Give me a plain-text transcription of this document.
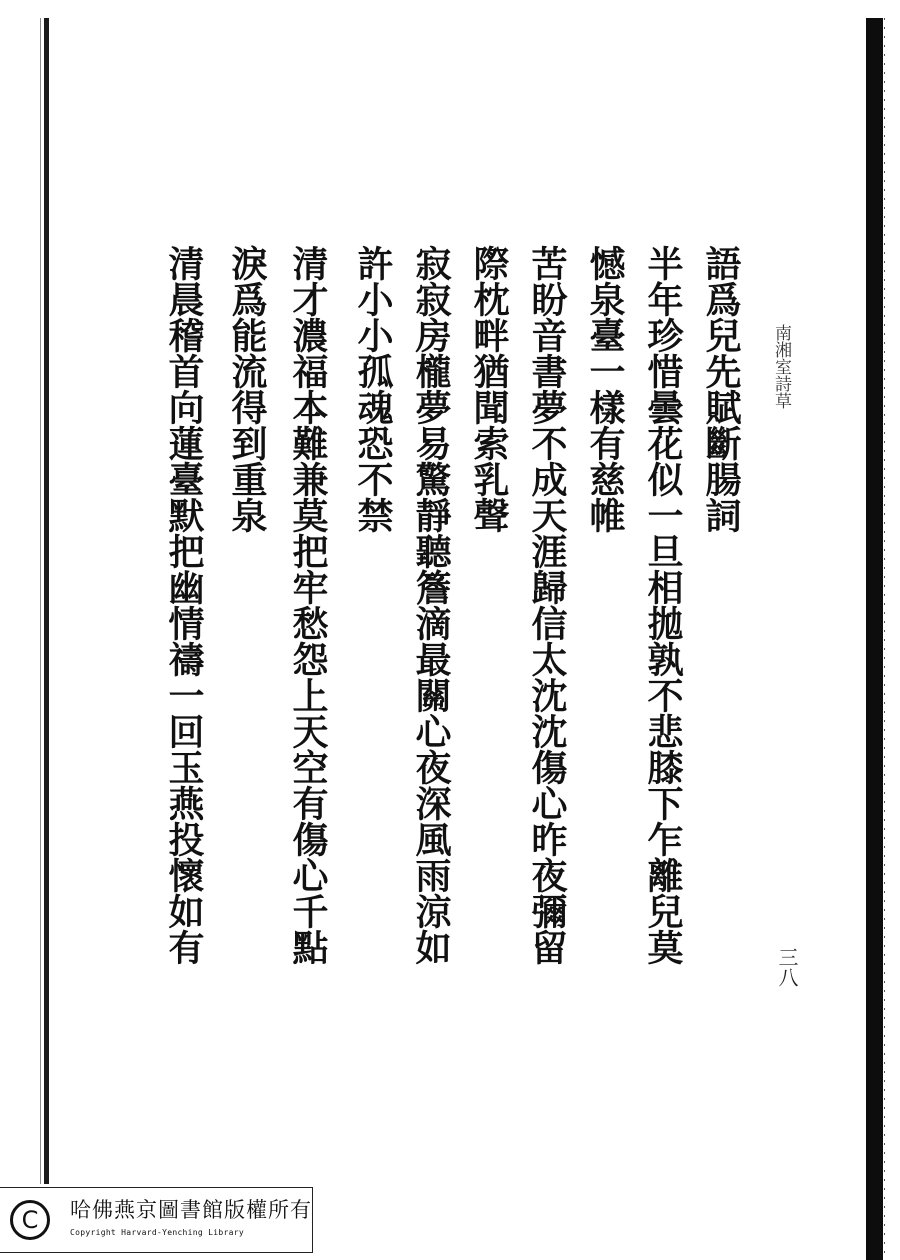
南湘室詩草
三八
語爲兒先賦斷腸詞
半年珍惜曇花似一旦相拋孰不悲膝下乍離兒莫
憾泉臺一樣有慈帷
苦盼音書夢不成天涯歸信太沈沈傷心昨夜彌留
際枕畔猶聞索乳聲
寂寂房櫳夢易驚靜聽簷滴最關心夜深風雨涼如
許小小孤魂恐不禁
清才濃福本難兼莫把牢愁怨上天空有傷心千點
淚爲能流得到重泉
清晨稽首向蓮臺默把幽情禱一回玉燕投懷如有
C	哈佛燕京圖書館版權所有
Copyright Harvard-Yenching Library
